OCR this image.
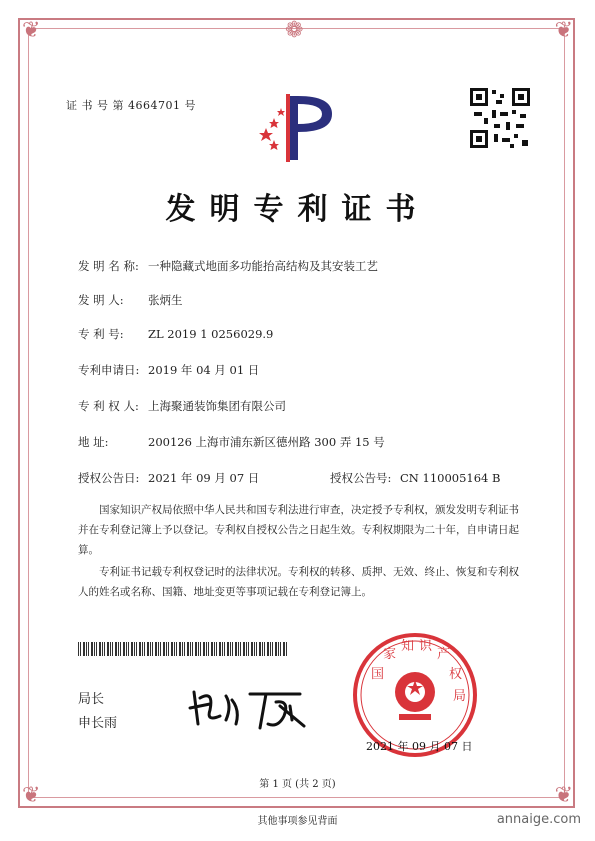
❦	❦
❦	❦
❁
证 书 号 第 4664701 号
发明专利证书
发 明 名 称: 一种隐藏式地面多功能抬高结构及其安装工艺
发 明 人: 张炳生
专 利 号: ZL 2019 1 0256029.9
专利申请日: 2019 年 04 月 01 日
专 利 权 人: 上海聚通装饰集团有限公司
地 址:	200126 上海市浦东新区德州路 300 弄 15 号
授权公告日: 2021 年 09 月 07 日	授权公告号: CN 110005164 B
国家知识产权局依照中华人民共和国专利法进行审查，决定授予专利权，颁发发明专利证书并在专利登记簿上予以登记。专利权自授权公告之日起生效。专利权期限为二十年，自申请日起算。
专利证书记载专利权登记时的法律状况。专利权的转移、质押、无效、终止、恢复和专利权人的姓名或名称、国籍、地址变更等事项记载在专利登记簿上。
局长
申长雨
国
家
知 识
产
权
局
2021 年 09 月 07 日
第 1 页 (共 2 页)
其他事项参见背面	annaige.com
